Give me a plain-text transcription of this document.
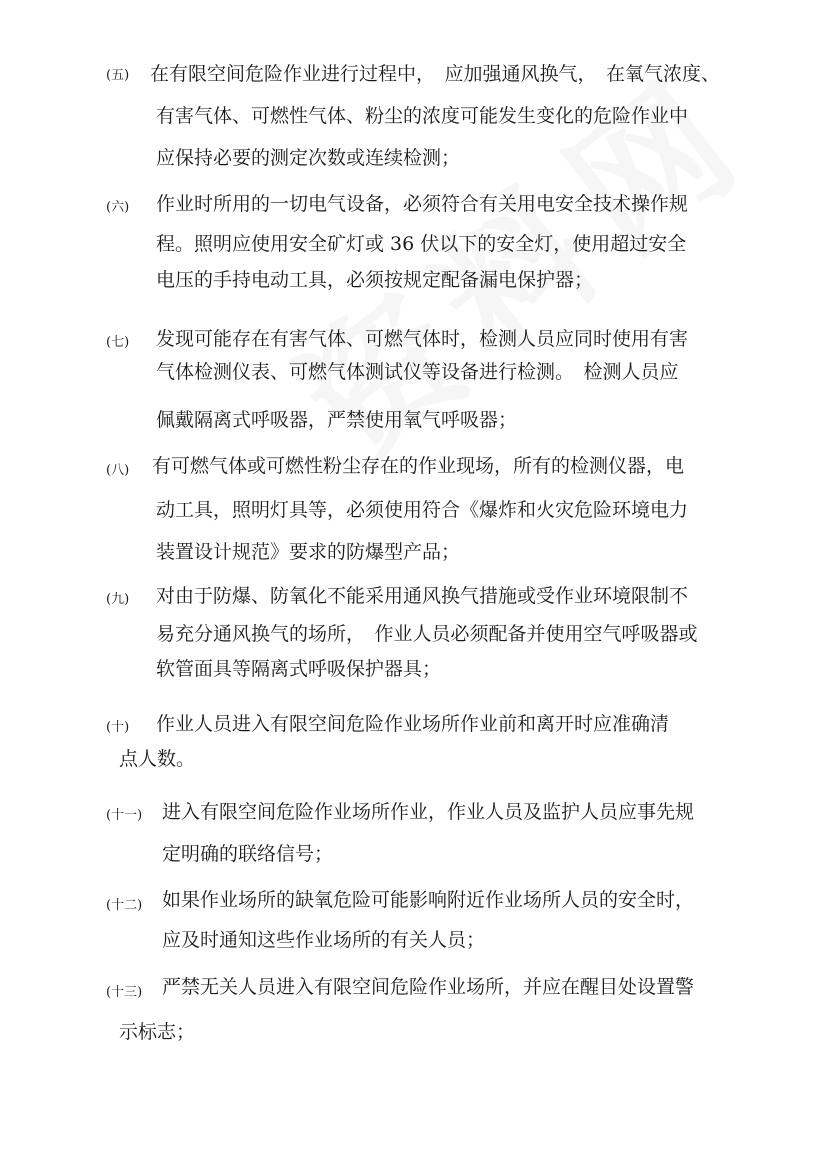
(五) 在有限空间危险作业进行过程中，　应加强通风换气，　在氧气浓度、
有害气体、可燃性气体、粉尘的浓度可能发生变化的危险作业中
应保持必要的测定次数或连续检测；
(六) 作业时所用的一切电气设备，必须符合有关用电安全技术操作规
程。照明应使用安全矿灯或 36 伏以下的安全灯，使用超过安全
电压的手持电动工具，必须按规定配备漏电保护器；
(七) 发现可能存在有害气体、可燃气体时，检测人员应同时使用有害
气体检测仪表、可燃气体测试仪等设备进行检测。　检测人员应
佩戴隔离式呼吸器，严禁使用氧气呼吸器；
(八) 有可燃气体或可燃性粉尘存在的作业现场，所有的检测仪器，电
动工具，照明灯具等，必须使用符合《爆炸和火灾危险环境电力
装置设计规范》要求的防爆型产品；
(九) 对由于防爆、防氧化不能采用通风换气措施或受作业环境限制不
易充分通风换气的场所，　作业人员必须配备并使用空气呼吸器或
软管面具等隔离式呼吸保护器具；
(十) 作业人员进入有限空间危险作业场所作业前和离开时应准确清
点人数。
(十一) 进入有限空间危险作业场所作业，作业人员及监护人员应事先规
定明确的联络信号；
(十二) 如果作业场所的缺氧危险可能影响附近作业场所人员的安全时，
应及时通知这些作业场所的有关人员；
(十三) 严禁无关人员进入有限空间危险作业场所，并应在醒目处设置警
示标志；
